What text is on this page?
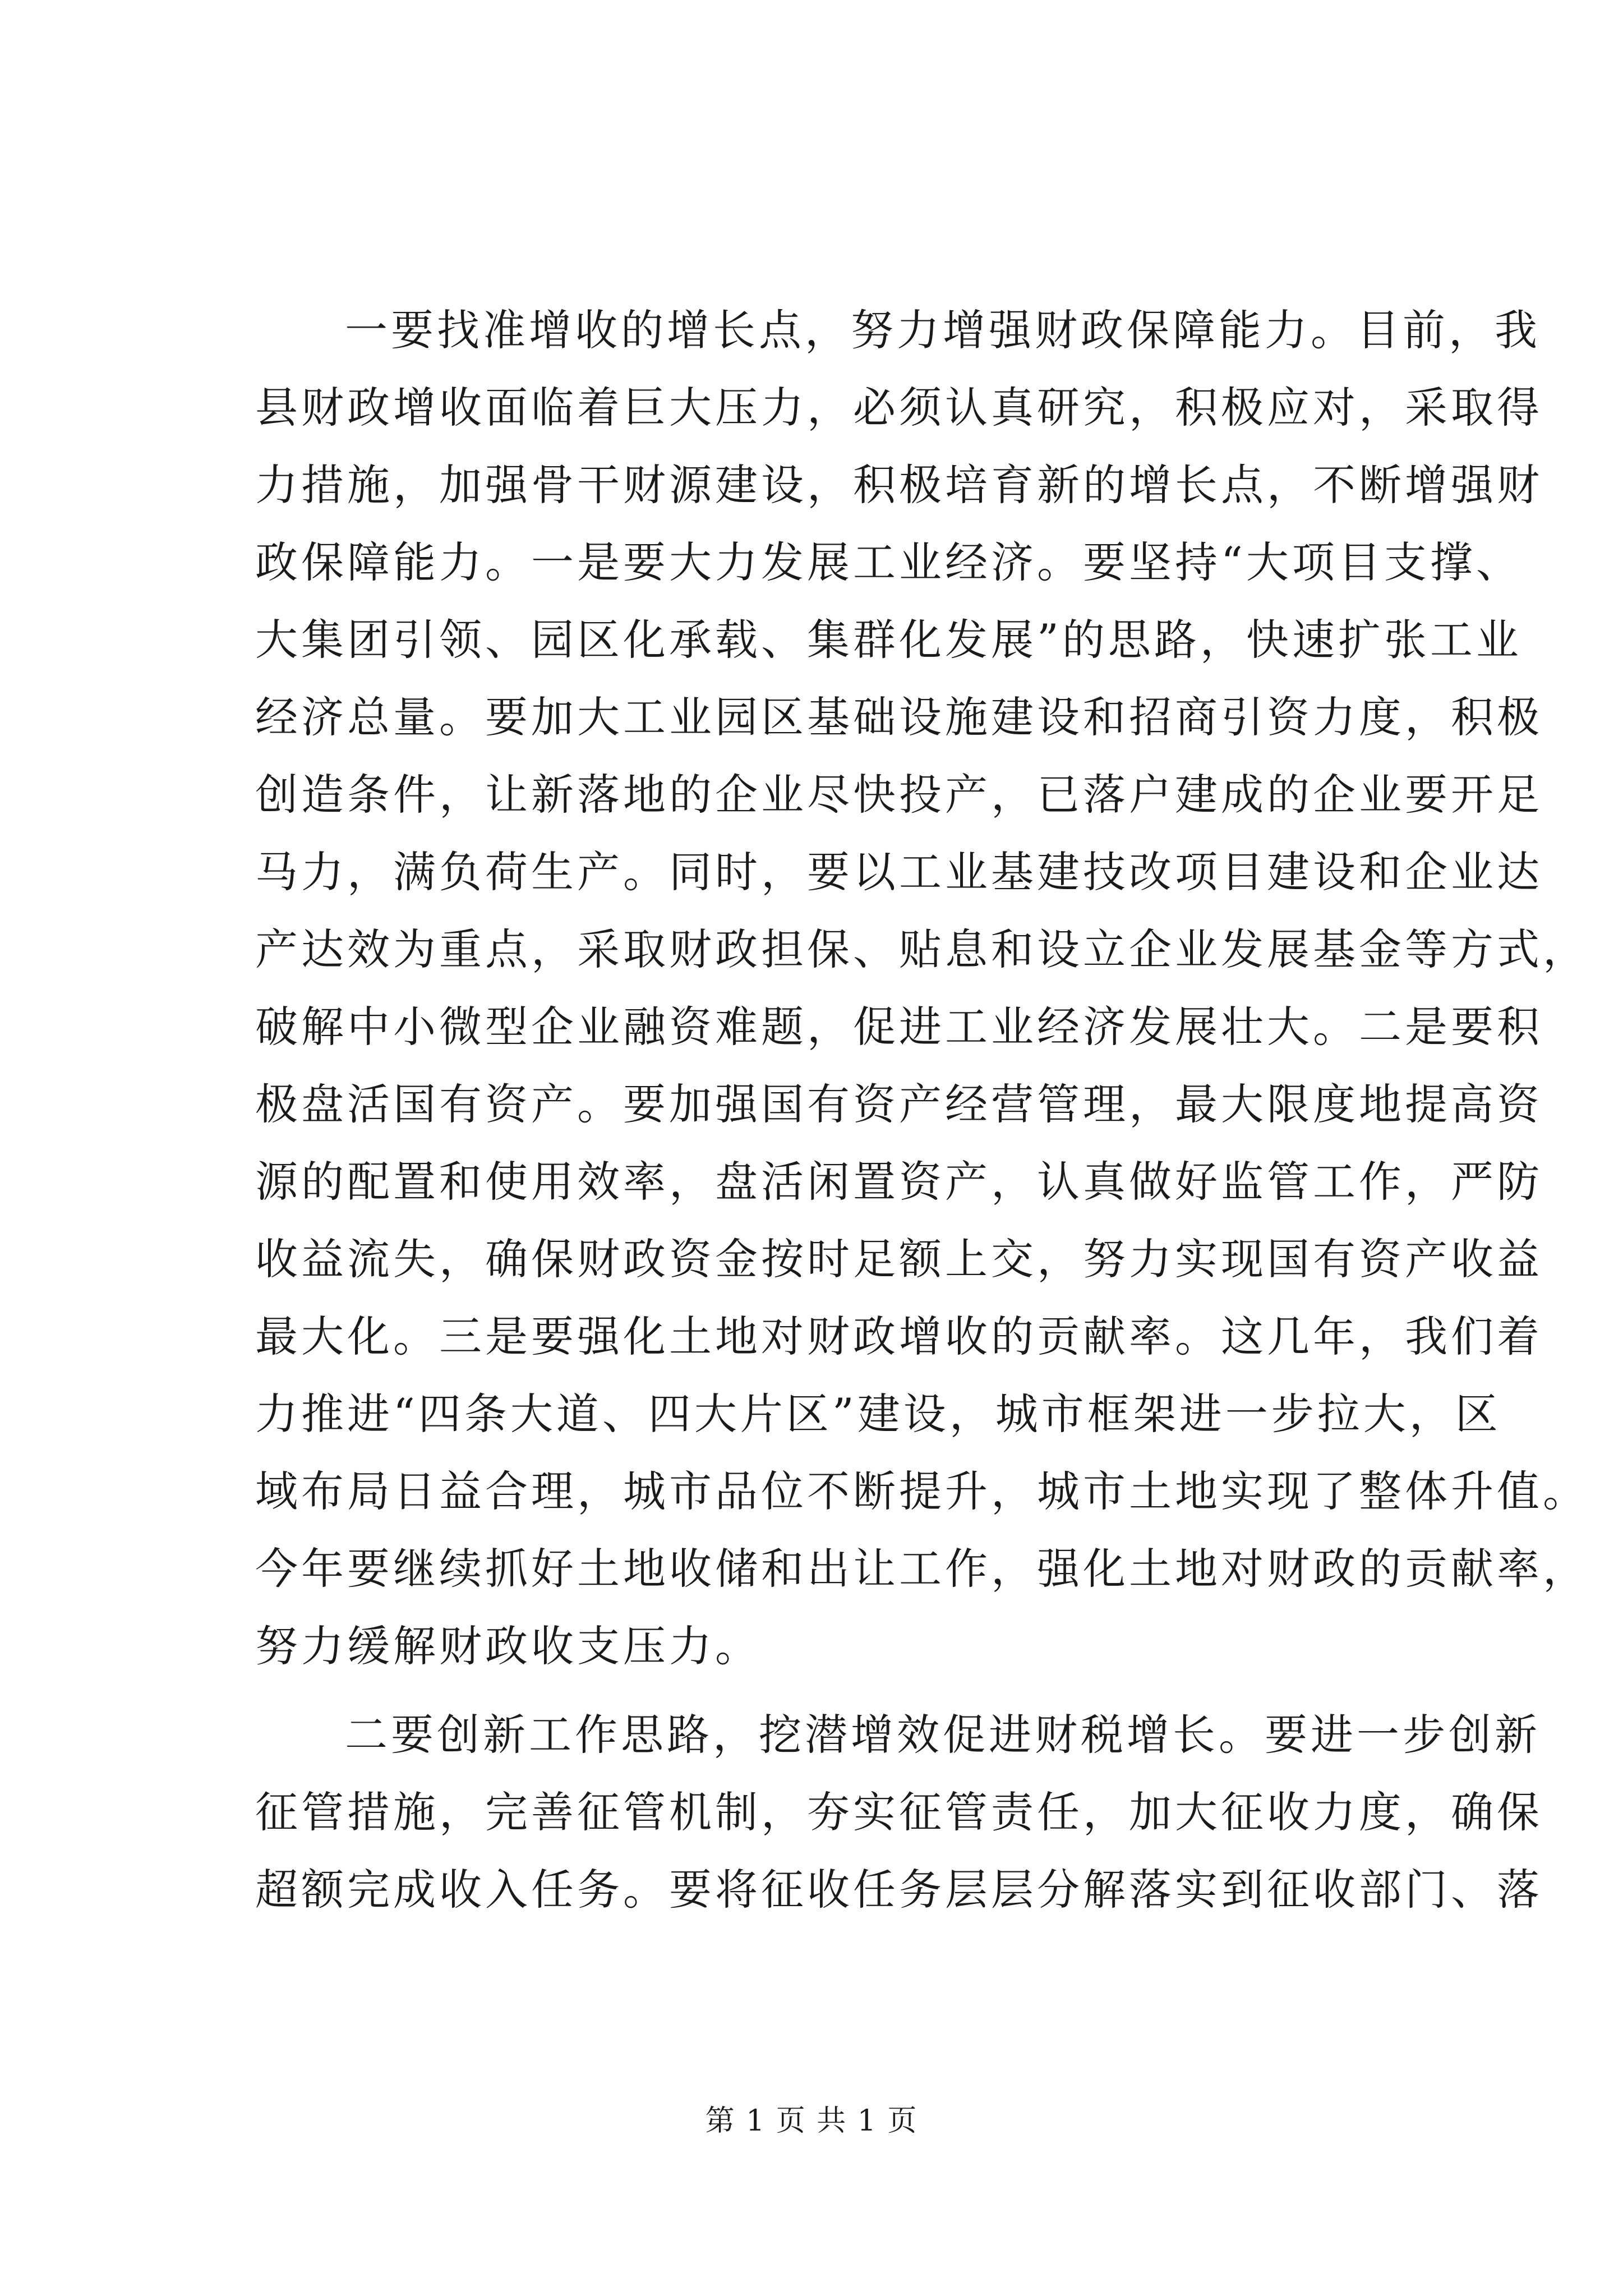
一要找准增收的增长点，努力增强财政保障能力。目前，我
县财政增收面临着巨大压力，必须认真研究，积极应对，采取得
力措施，加强骨干财源建设，积极培育新的增长点，不断增强财
政保障能力。一是要大力发展工业经济。要坚持“大项目支撑、
大集团引领、园区化承载、集群化发展”的思路，快速扩张工业
经济总量。要加大工业园区基础设施建设和招商引资力度，积极
创造条件，让新落地的企业尽快投产，已落户建成的企业要开足
马力，满负荷生产。同时，要以工业基建技改项目建设和企业达
产达效为重点，采取财政担保、贴息和设立企业发展基金等方式，
破解中小微型企业融资难题，促进工业经济发展壮大。二是要积
极盘活国有资产。要加强国有资产经营管理，最大限度地提高资
源的配置和使用效率，盘活闲置资产，认真做好监管工作，严防
收益流失，确保财政资金按时足额上交，努力实现国有资产收益
最大化。三是要强化土地对财政增收的贡献率。这几年，我们着
力推进“四条大道、四大片区”建设，城市框架进一步拉大，区
域布局日益合理，城市品位不断提升，城市土地实现了整体升值。
今年要继续抓好土地收储和出让工作，强化土地对财政的贡献率，
努力缓解财政收支压力。
二要创新工作思路，挖潜增效促进财税增长。要进一步创新
征管措施，完善征管机制，夯实征管责任，加大征收力度，确保
超额完成收入任务。要将征收任务层层分解落实到征收部门、落
第 1 页 共 1 页
